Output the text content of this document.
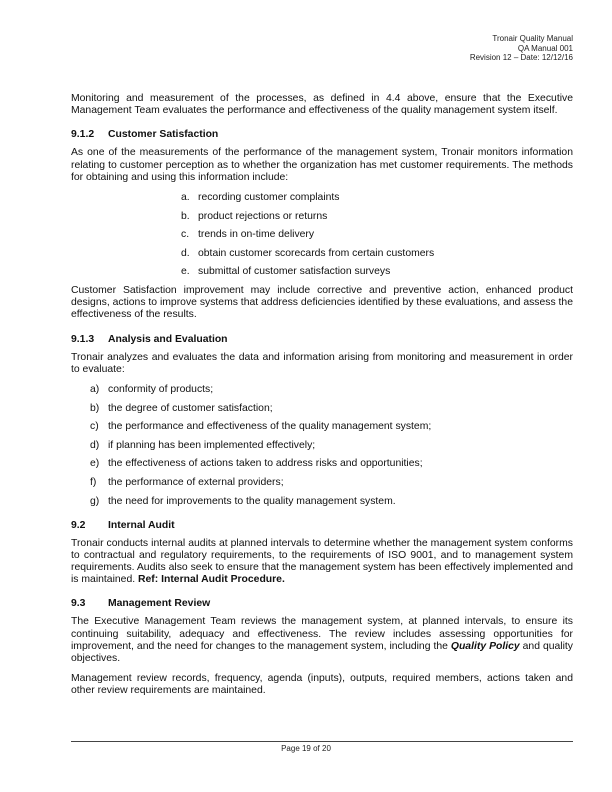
Tronair Quality Manual
QA Manual 001
Revision 12 – Date: 12/12/16

Monitoring and measurement of the processes, as defined in 4.4 above, ensure that the Executive Management Team evaluates the performance and effectiveness of the quality management system itself.

9.1.2	Customer Satisfaction

As one of the measurements of the performance of the management system, Tronair monitors information relating to customer perception as to whether the organization has met customer requirements. The methods for obtaining and using this information include:

a. recording customer complaints
b. product rejections or returns
c. trends in on-time delivery
d. obtain customer scorecards from certain customers
e. submittal of customer satisfaction surveys

Customer Satisfaction improvement may include corrective and preventive action, enhanced product designs, actions to improve systems that address deficiencies identified by these evaluations, and assess the effectiveness of the results.

9.1.3	Analysis and Evaluation

Tronair analyzes and evaluates the data and information arising from monitoring and measurement in order to evaluate:

a) conformity of products;
b) the degree of customer satisfaction;
c) the performance and effectiveness of the quality management system;
d) if planning has been implemented effectively;
e) the effectiveness of actions taken to address risks and opportunities;
f)	the performance of external providers;
g) the need for improvements to the quality management system.
9.2	Internal Audit

Tronair conducts internal audits at planned intervals to determine whether the management system conforms to contractual and regulatory requirements, to the requirements of ISO 9001, and to management system requirements. Audits also seek to ensure that the management system has been effectively implemented and is maintained. Ref: Internal Audit Procedure.

9.3	Management Review

The Executive Management Team reviews the management system, at planned intervals, to ensure its continuing suitability, adequacy and effectiveness. The review includes assessing opportunities for improvement, and the need for changes to the management system, including the Quality Policy and quality objectives.

Management review records, frequency, agenda (inputs), outputs, required members, actions taken and other review requirements are maintained.

Page 19 of 20
